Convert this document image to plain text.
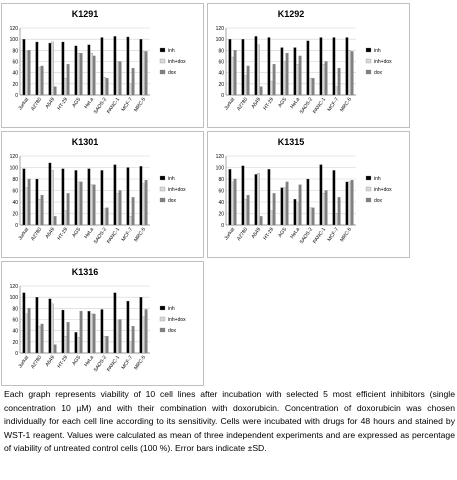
K1291
0
20
40
60
80
100
120
Jurkat A2780 A549 HT-29 AGS HeLa
SAOS-2
PANC-1 MCF-7
MRC-5
inh
inh+dox
dox
K1292
0
20
40
60
80
100
120
Jurkat A2780 A549 HT-29 AGS HeLa
SAOS-2
PANC-1 MCF-7
MRC-5
inh
inh+dox
dox
K1301
0
20
40
60
80
100
120
Jurkat A2780 A549 HT-29 AGS HeLa
SAOS-2
PANC-1 MCF-7
MRC-5
inh
inh+dox
dox
K1315
0
20
40
60
80
100
120
Jurkat A2780 A549 HT-29 AGS HeLa
SAOS-2
PANC-1 MCF-7
MRC-5
inh
inh+dox
dox
K1316
0
20
40
60
80
100
120
Jurkat A2780 A549 HT-29 AGS HeLa
SAOS-2
PANC-1 MCF-7
MRC-5
inh
inh+dox
dox

Each graph represents viability of 10 cell lines after incubation with selected 5 most efficient inhibitors (single concentration 10 µM) and with their combination with doxorubicin. Concentration of doxorubicin was chosen individually for each cell line according to its sensitivity. Cells were incubated with drugs for 48 hours and stained by WST-1 reagent. Values were calculated as mean of three independent experiments and are expressed as percentage of viability of untreated control cells (100 %). Error bars indicate ±SD.
